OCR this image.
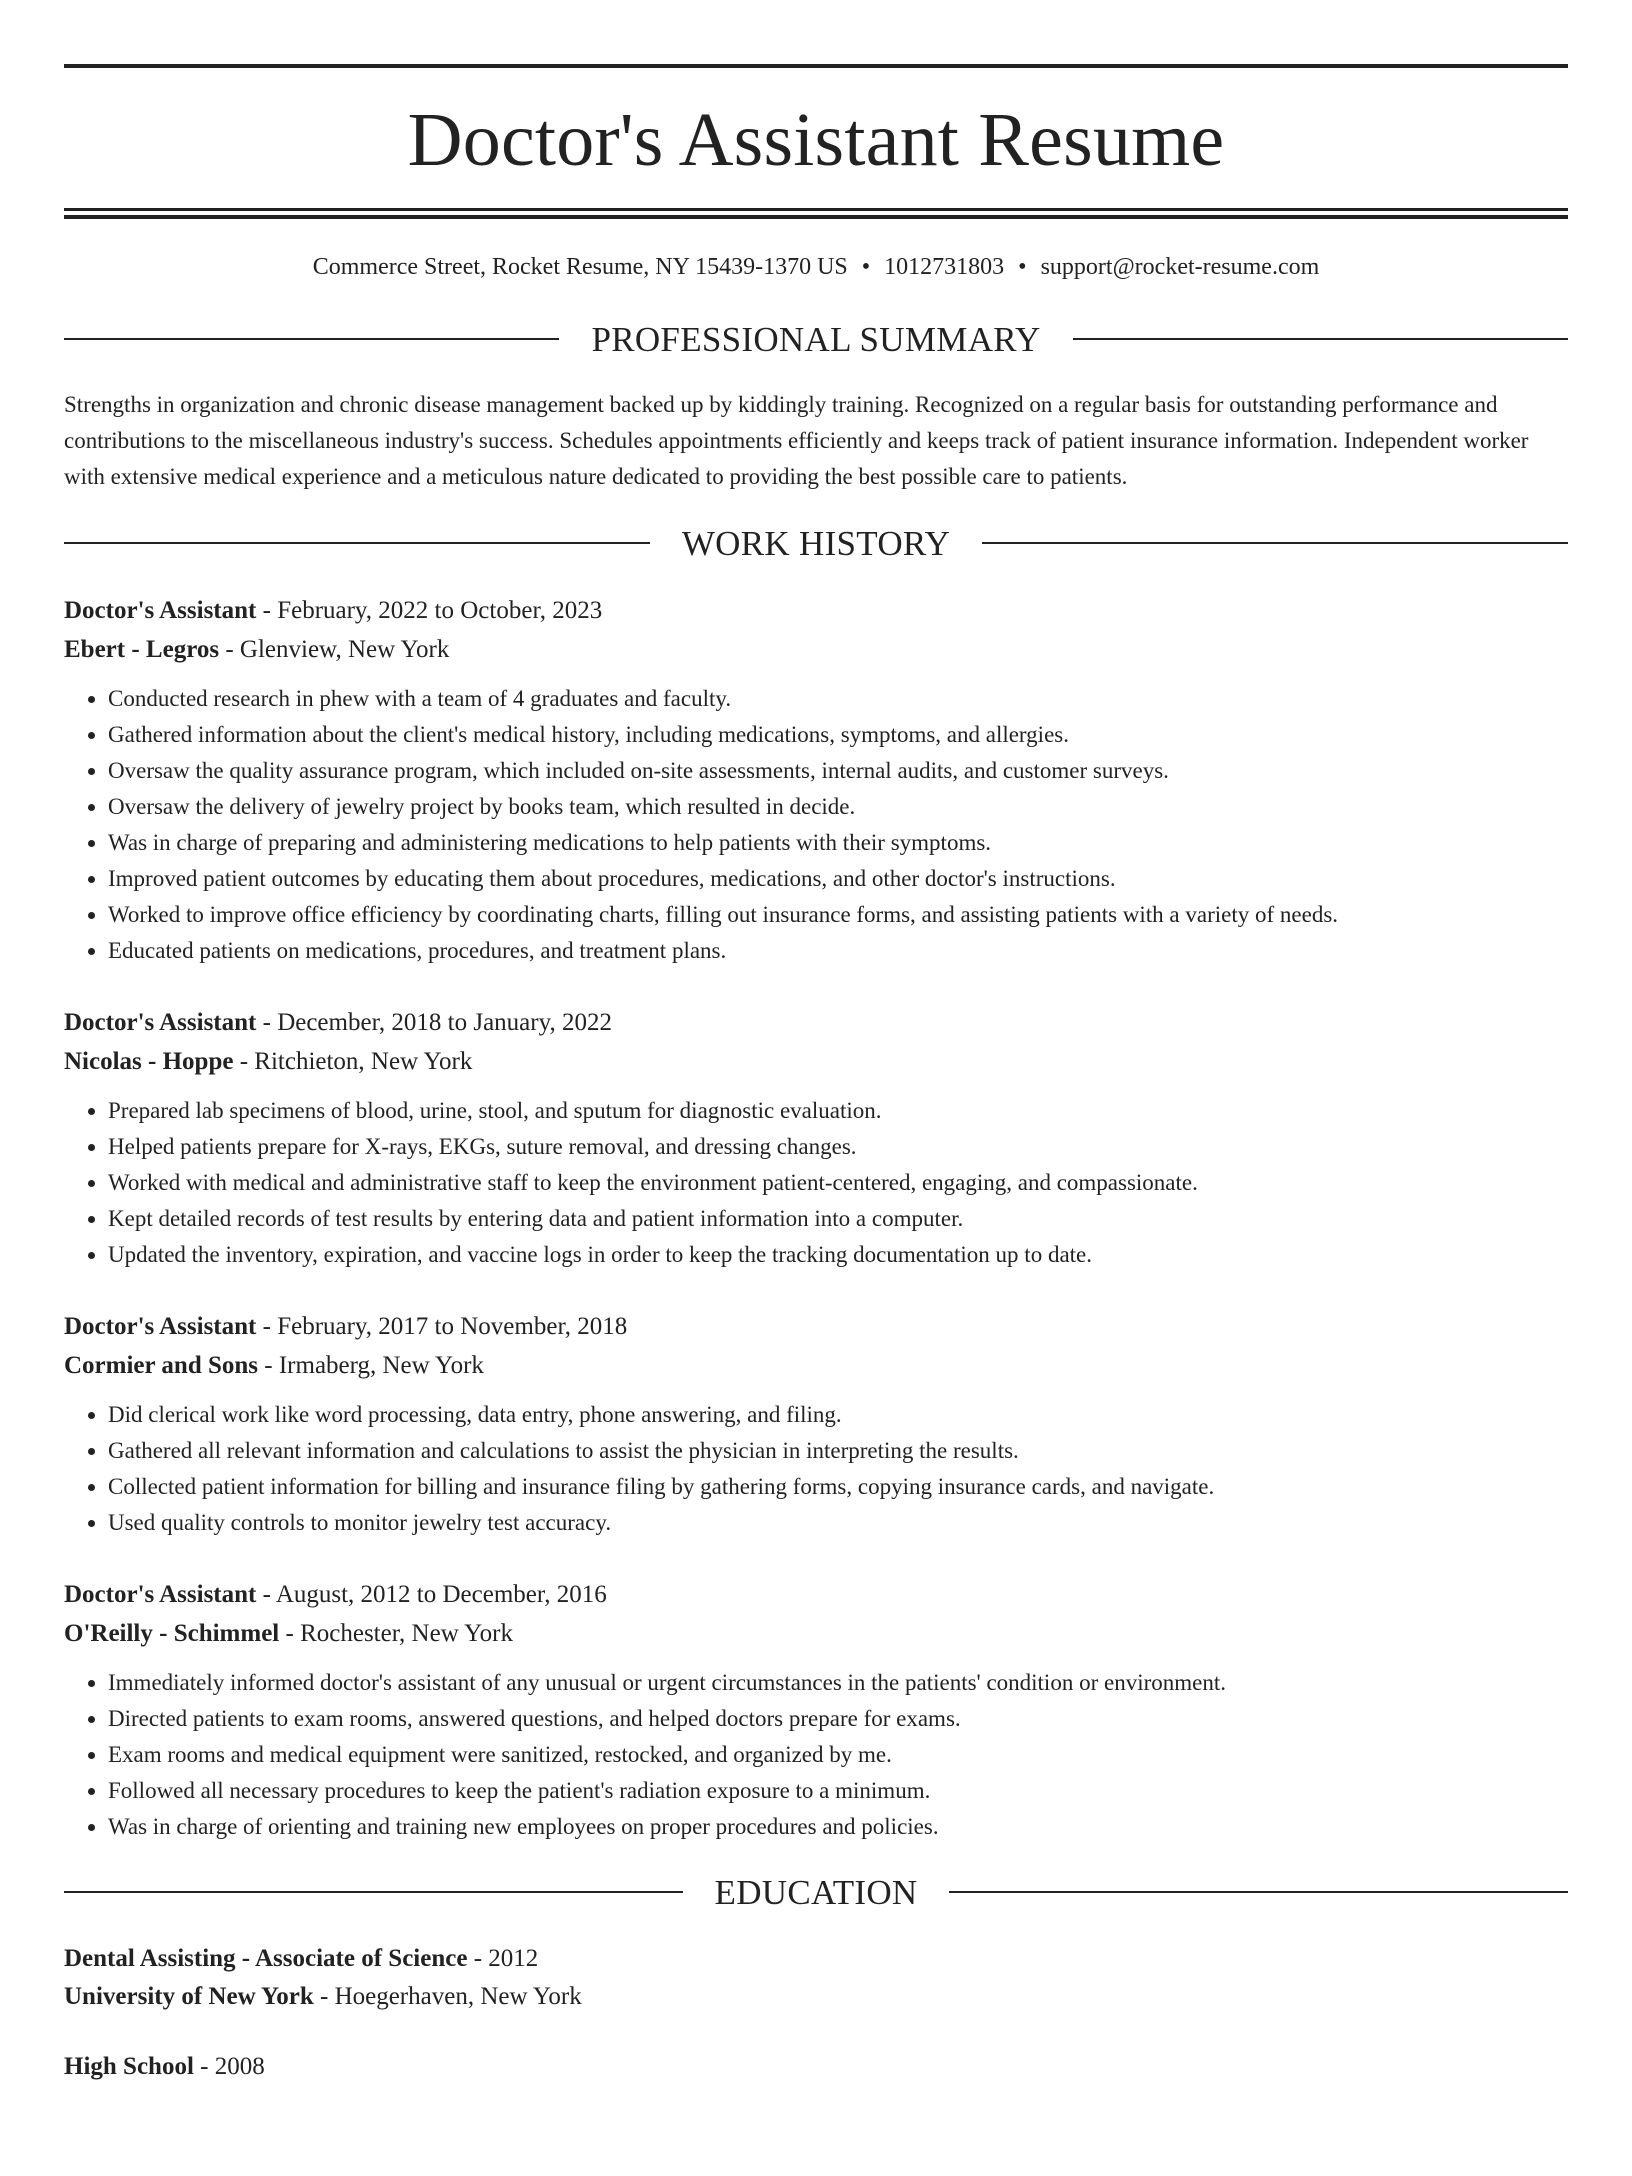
Doctor's Assistant Resume
Commerce Street, Rocket Resume, NY 15439-1370 US • 1012731803 • support@rocket-resume.com
PROFESSIONAL SUMMARY
Strengths in organization and chronic disease management backed up by kiddingly training. Recognized on a regular basis for outstanding performance and contributions to the miscellaneous industry's success. Schedules appointments efficiently and keeps track of patient insurance information. Independent worker with extensive medical experience and a meticulous nature dedicated to providing the best possible care to patients.
WORK HISTORY
Doctor's Assistant - February, 2022 to October, 2023
Ebert - Legros - Glenview, New York
• Conducted research in phew with a team of 4 graduates and faculty.
• Gathered information about the client's medical history, including medications, symptoms, and allergies.
• Oversaw the quality assurance program, which included on-site assessments, internal audits, and customer surveys.
• Oversaw the delivery of jewelry project by books team, which resulted in decide.
• Was in charge of preparing and administering medications to help patients with their symptoms.
• Improved patient outcomes by educating them about procedures, medications, and other doctor's instructions.
• Worked to improve office efficiency by coordinating charts, filling out insurance forms, and assisting patients with a variety of needs.
• Educated patients on medications, procedures, and treatment plans.
Doctor's Assistant - December, 2018 to January, 2022
Nicolas - Hoppe - Ritchieton, New York
• Prepared lab specimens of blood, urine, stool, and sputum for diagnostic evaluation.
• Helped patients prepare for X-rays, EKGs, suture removal, and dressing changes.
• Worked with medical and administrative staff to keep the environment patient-centered, engaging, and compassionate.
• Kept detailed records of test results by entering data and patient information into a computer.
• Updated the inventory, expiration, and vaccine logs in order to keep the tracking documentation up to date.
Doctor's Assistant - February, 2017 to November, 2018
Cormier and Sons - Irmaberg, New York
• Did clerical work like word processing, data entry, phone answering, and filing.
• Gathered all relevant information and calculations to assist the physician in interpreting the results.
• Collected patient information for billing and insurance filing by gathering forms, copying insurance cards, and navigate.
• Used quality controls to monitor jewelry test accuracy.
Doctor's Assistant - August, 2012 to December, 2016
O'Reilly - Schimmel - Rochester, New York
• Immediately informed doctor's assistant of any unusual or urgent circumstances in the patients' condition or environment.
• Directed patients to exam rooms, answered questions, and helped doctors prepare for exams.
• Exam rooms and medical equipment were sanitized, restocked, and organized by me.
• Followed all necessary procedures to keep the patient's radiation exposure to a minimum.
• Was in charge of orienting and training new employees on proper procedures and policies.
EDUCATION
Dental Assisting - Associate of Science - 2012
University of New York - Hoegerhaven, New York
High School - 2008
